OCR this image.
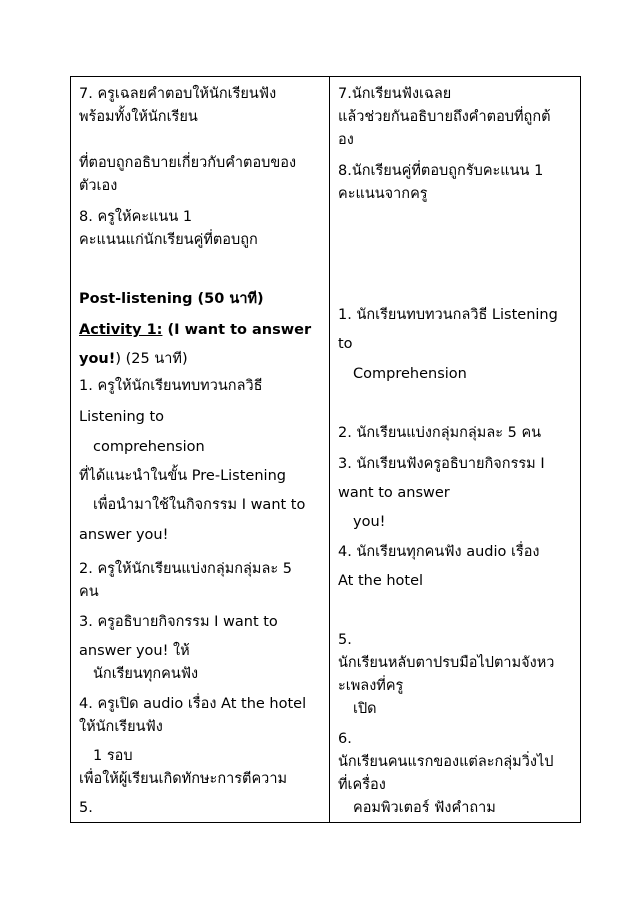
7. ครูเฉลยคำตอบให้นักเรียนฟัง
พร้อมทั้งให้นักเรียน
ที่ตอบถูกอธิบายเกี่ยวกับคำตอบของ
ตัวเอง
8. ครูให้คะแนน 1
คะแนนแก่นักเรียนคู่ที่ตอบถูก
Post-listening (50 นาที)
Activity 1: (I want to answer
you!) (25 นาที)
1. ครูให้นักเรียนทบทวนกลวิธี
Listening to
comprehension
ที่ได้แนะนำในขั้น Pre-Listening
เพื่อนำมาใช้ในกิจกรรม I want to
answer you!
2. ครูให้นักเรียนแบ่งกลุ่มกลุ่มละ 5
คน
3. ครูอธิบายกิจกรรม I want to
answer you! ให้
นักเรียนทุกคนฟัง
4. ครูเปิด audio เรื่อง At the hotel
ให้นักเรียนฟัง
1 รอบ
เพื่อให้ผู้เรียนเกิดทักษะการตีความ
5.
7.นักเรียนฟังเฉลย
แล้วช่วยกันอธิบายถึงคำตอบที่ถูกต้
อง
8.นักเรียนคู่ที่ตอบถูกรับคะแนน 1
คะแนนจากครู
1. นักเรียนทบทวนกลวิธี Listening
to
Comprehension
2. นักเรียนแบ่งกลุ่มกลุ่มละ 5 คน
3. นักเรียนฟังครูอธิบายกิจกรรม I
want to answer
you!
4. นักเรียนทุกคนฟัง audio เรื่อง
At the hotel
5.
นักเรียนหลับตาปรบมือไปตามจังหว
ะเพลงที่ครู
เปิด
6.
นักเรียนคนแรกของแต่ละกลุ่มวิ่งไป
ที่เครื่อง
คอมพิวเตอร์ ฟังคำถาม
